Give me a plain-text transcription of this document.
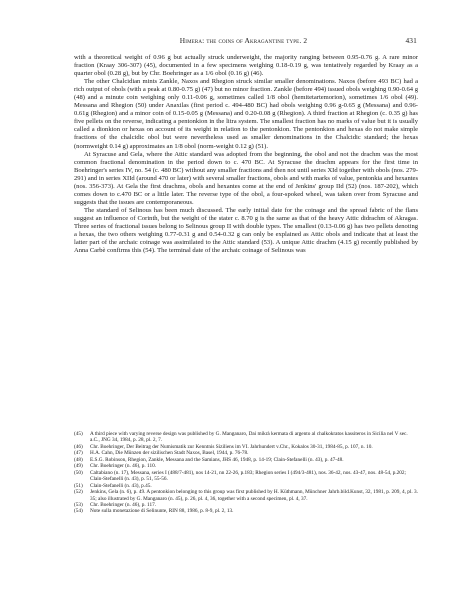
Himera: the coins of Akragantine type. 2	431

with a theoretical weight of 0.96 g but actually struck underweight, the majority ranging between 0.95-0.76 g. A rare minor fraction (Kraay 306-307) (45), documented in a few specimens weighing 0.18-0.19 g, was tentatively regarded by Kraay as a quarter obol (0.28 g), but by Chr. Boehringer as a 1/6 obol (0.16 g) (46).

The other Chalcidian mints Zankle, Naxos and Rhegion struck similar smaller denominations. Naxos (before 493 BC) had a rich output of obols (with a peak at 0.80-0.75 g) (47) but no minor fraction. Zankle (before 494) issued obols weighing 0.90-0.64 g (48) and a minute coin weighing only 0.11-0.06 g, sometimes called 1/8 obol (hemitetartemorion), sometimes 1/6 obol (49). Messana and Rhegion (50) under Anaxilas (first period c. 494-480 BC) had obols weighing 0.96 g-0.65 g (Messana) and 0.96-0.61g (Rhegion) and a minor coin of 0.15-0.05 g (Messana) and 0.20-0.08 g (Rhegion). A third fraction at Rhegion (c. 0.35 g) has five pellets on the reverse, indicating a pentonkion in the litra system. The smallest fraction has no marks of value but it is usually called a dionkion or hexas on account of its weight in relation to the pentonkion. The pentonkion and hexas do not make simple fractions of the chalcidic obol but were nevertheless used as smaller denominations in the Chalcidic standard; the hexas (normweight 0.14 g) approximates an 1/8 obol (norm-weight 0.12 g) (51).

At Syracuse and Gela, where the Attic standard was adopted from the beginning, the obol and not the drachm was the most common fractional denomination in the period down to c. 470 BC. At Syracuse the drachm appears for the first time in Boehringer's series IV, no. 54 (c. 480 BC) without any smaller fractions and then not until series XId together with obols (nos. 279-291) and in series XIId (around 470 or later) with several smaller fractions, obols and with marks of value, pentonkia and hexantes (nos. 356-373). At Gela the first drachms, obols and hexantes come at the end of Jenkins' group IId (52) (nos. 187-202), which comes down to c.470 BC or a little later. The reverse type of the obol, a four-spoked wheel, was taken over from Syracuse and suggests that the issues are contemporaneous.

The standard of Selinous has been much discussed. The early initial date for the coinage and the spread fabric of the flans suggest an influence of Corinth, but the weight of the stater c. 8.70 g is the same as that of the heavy Attic didrachm of Akragas. Three series of fractional issues belong to Selinous group II with double types. The smallest (0.13-0.06 g) has two pellets denoting a hexas, the two others weighing 0.77-0.31 g and 0.54-0.32 g can only be explained as Attic obols and indicate that at least the latter part of the archaic coinage was assimilated to the Attic standard (53). A unique Attic drachm (4.15 g) recently published by Anna Carbè confirms this (54). The terminal date of the archaic coinage of Selinous was

(45) A third piece with varying reverse design was published by G. Manganaro, Dai mikrà kermata di argento al chalkokratos kassiteros in Sicilia nel V sec. a.C., JNG 34, 1984, p. 28, pl. 2, 7.
(46) Chr. Boehringer, Der Beitrag der Numismatik zur Kenntnis Siziliens im VI. Jahrhundert v.Chr., Kokalos 30-31, 1984-85, p. 107, n. 10.
(47) H.A. Cahn, Die Münzen der sizilischen Stadt Naxos, Basel, 1944, p. 76-78.
(48) E.S.G. Robinson, Rhegion, Zankle, Messana and the Samians, JHS 46, 1948, p. 14-19; Clain-Stefanelli (n. 43), p. 47-48.
(49) Chr. Boehringer (n. 46), p. 110.
(50) Caltabiano (n. 17), Messana, series I (488/7-481), nos 14-21, nn 22-26, p.183; Rhegion series I (494/3-481), nos. 36-42, nos. 43-47, nos. 48-54, p.202; Clain-Stefanelli (n. 43), p. 51, 55-56.
(51) Clain-Stefanelli (n. 43), p.45.
(52) Jenkins, Gela (n. 6), p. 49. A pentonkion belonging to this group was first published by H. Küthmann, Münchner Jahrb.bild.Kunst, 32, 1981, p. 209, 4, pl. 3. 35; also illustrated by G. Manganaro (n. 45), p. 26, pl. 4, 36, together with a second specimen, pl. 4, 37.
(53) Chr. Boehringer (n. 46), p. 117.
(54) Note sulla monetazione di Selinunte, RIN 88, 1986, p. 8-9, pl. 2, 13.
